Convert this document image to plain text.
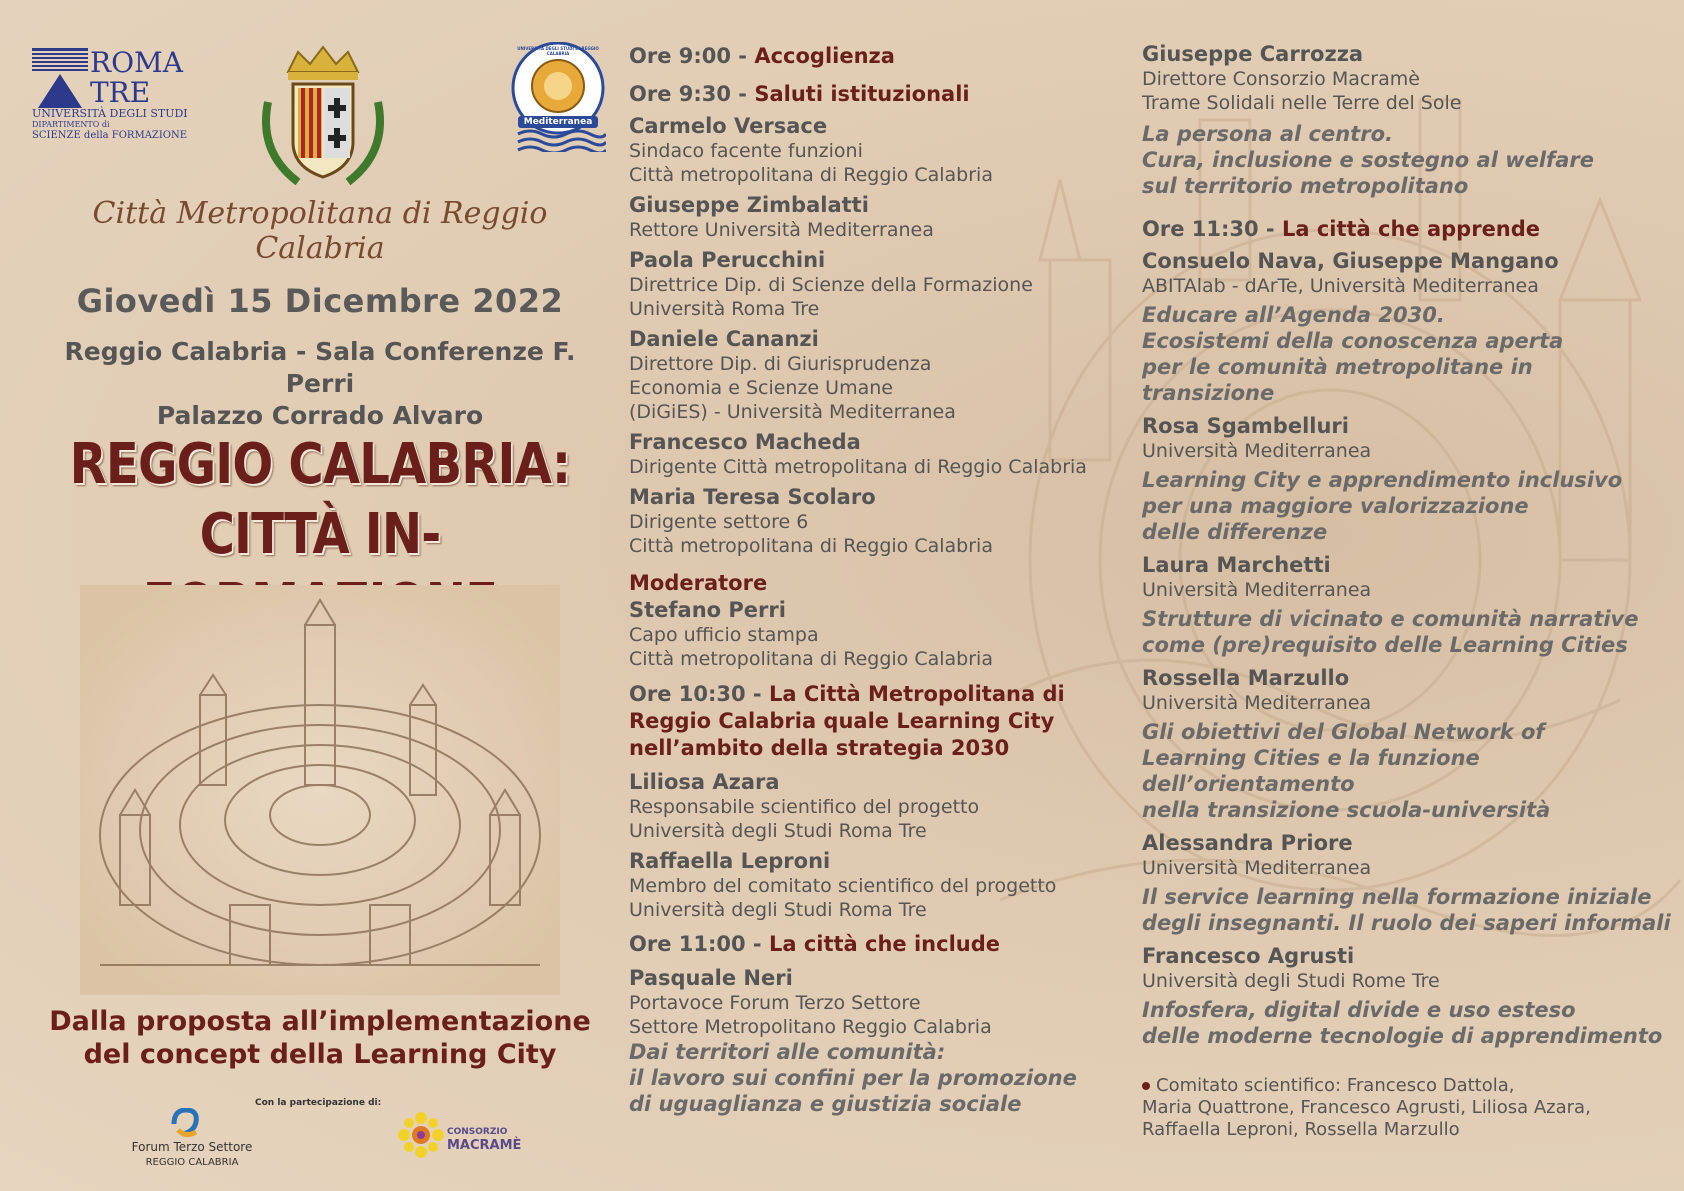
ROMA
TRE
UNIVERSITÀ DEGLI STUDI
DIPARTIMENTO di
SCIENZE della FORMAZIONE
Città Metropolitana di Reggio Calabria
UNIVERSITÀ DEGLI STUDI DI REGGIO CALABRIA
Mediterranea
Giovedì 15 Dicembre 2022
Reggio Calabria - Sala Conferenze F. Perri
Palazzo Corrado Alvaro
REGGIO CALABRIA:
CITTÀ IN-
Dalla proposta all’implementazione
del concept della Learning City
Con la partecipazione di:
Forum Terzo Settore
REGGIO CALABRIA
CONSORZIO
MACRAMÈ
Ore 9:00 - Accoglienza
Ore 9:30 - Saluti istituzionali
Carmelo Versace
Sindaco facente funzioni
Città metropolitana di Reggio Calabria
Giuseppe Zimbalatti
Rettore Università Mediterranea
Paola Perucchini
Direttrice Dip. di Scienze della Formazione
Università Roma Tre
Daniele Cananzi
Direttore Dip. di Giurisprudenza
Economia e Scienze Umane
(DiGiES) - Università Mediterranea
Francesco Macheda
Dirigente Città metropolitana di Reggio Calabria
Maria Teresa Scolaro
Dirigente settore 6
Città metropolitana di Reggio Calabria
Moderatore
Stefano Perri
Capo ufficio stampa
Città metropolitana di Reggio Calabria
Ore 10:30 - La Città Metropolitana di
Reggio Calabria quale Learning City
nell’ambito della strategia 2030
Liliosa Azara
Responsabile scientifico del progetto
Università degli Studi Roma Tre
Raffaella Leproni
Membro del comitato scientifico del progetto
Università degli Studi Roma Tre
Ore 11:00 - La città che include
Pasquale Neri
Portavoce Forum Terzo Settore
Settore Metropolitano Reggio Calabria
Dai territori alle comunità:
il lavoro sui confini per la promozione
di uguaglianza e giustizia sociale
Giuseppe Carrozza
Direttore Consorzio Macramè
Trame Solidali nelle Terre del Sole
La persona al centro.
Cura, inclusione e sostegno al welfare
sul territorio metropolitano
Ore 11:30 - La città che apprende
Consuelo Nava, Giuseppe Mangano
ABITAlab - dArTe, Università Mediterranea
Educare all’Agenda 2030.
Ecosistemi della conoscenza aperta
per le comunità metropolitane in transizione
Rosa Sgambelluri
Università Mediterranea
Learning City e apprendimento inclusivo
per una maggiore valorizzazione
delle differenze
Laura Marchetti
Università Mediterranea
Strutture di vicinato e comunità narrative
come (pre)requisito delle Learning Cities
Rossella Marzullo
Università Mediterranea
Gli obiettivi del Global Network of
Learning Cities e la funzione dell’orientamento
nella transizione scuola-università
Alessandra Priore
Università Mediterranea
Il service learning nella formazione iniziale
degli insegnanti. Il ruolo dei saperi informali
Francesco Agrusti
Università degli Studi Rome Tre
Infosfera, digital divide e uso esteso
delle moderne tecnologie di apprendimento
Comitato scientifico: Francesco Dattola,
Maria Quattrone, Francesco Agrusti, Liliosa Azara,
Raffaella Leproni, Rossella Marzullo
